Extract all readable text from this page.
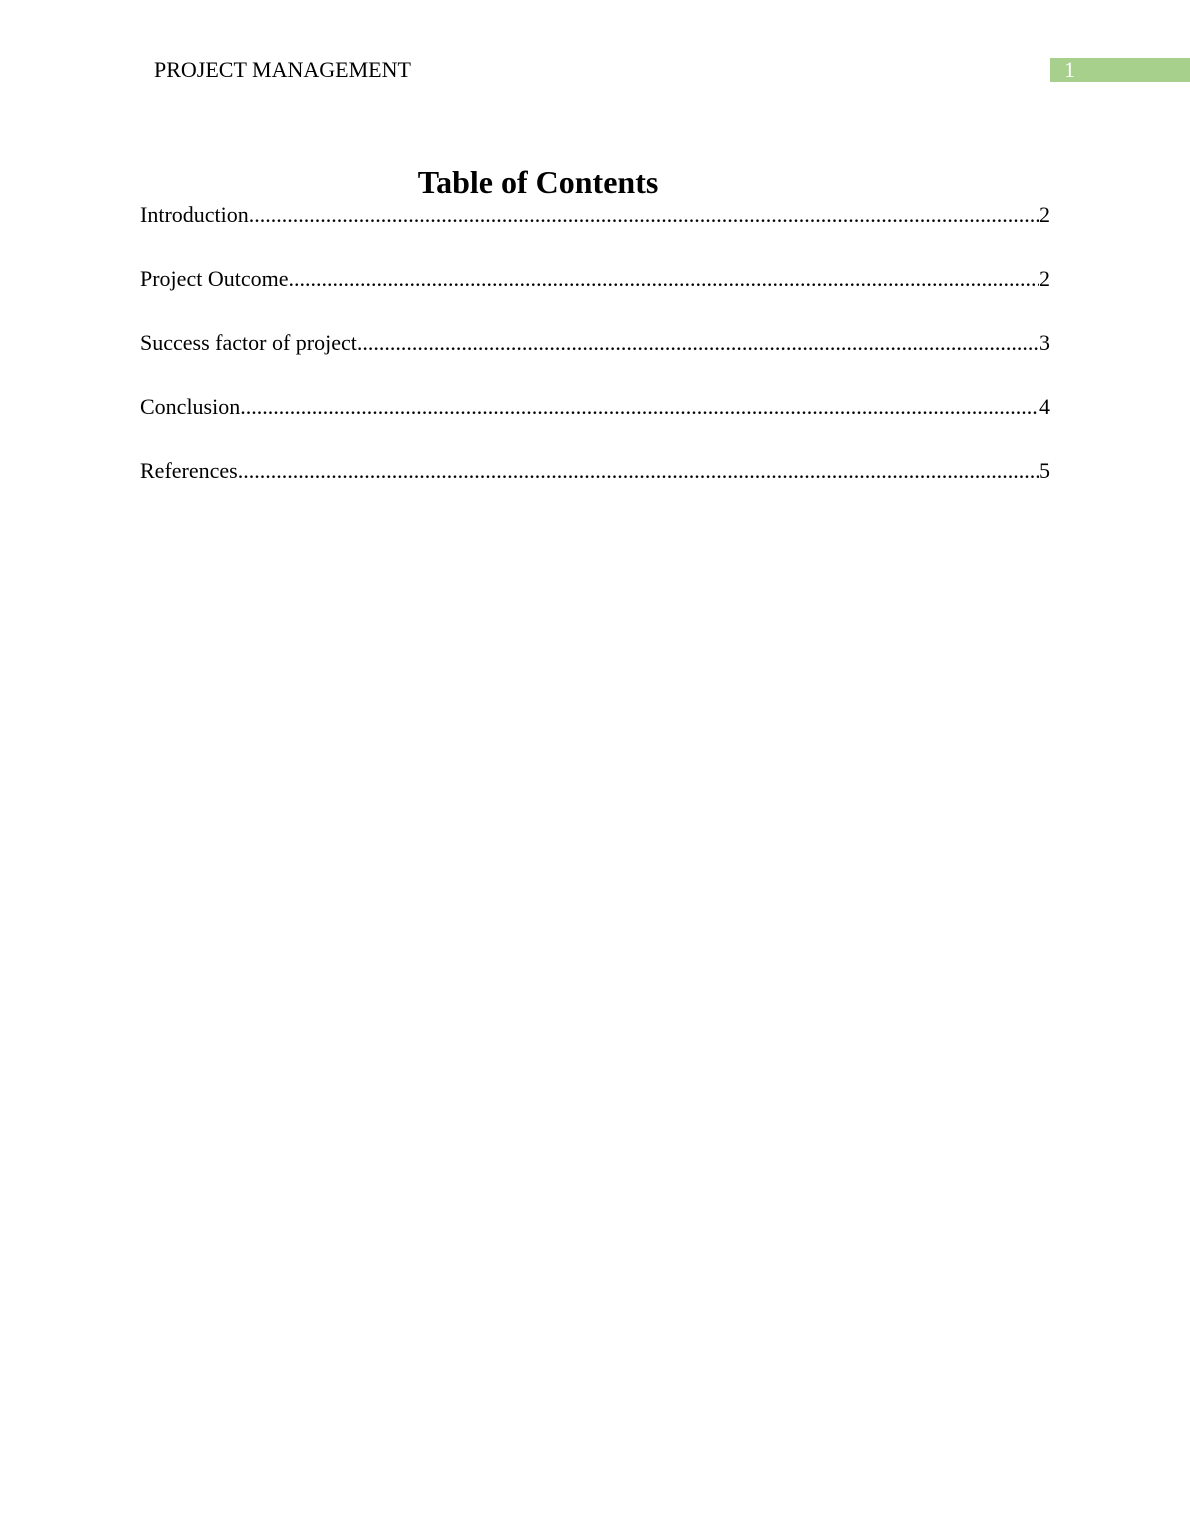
PROJECT MANAGEMENT	1
Table of Contents
Introduction .....	2
Project Outcome .....	2
Success factor of project .....	3
Conclusion .....	4
References .....	5
